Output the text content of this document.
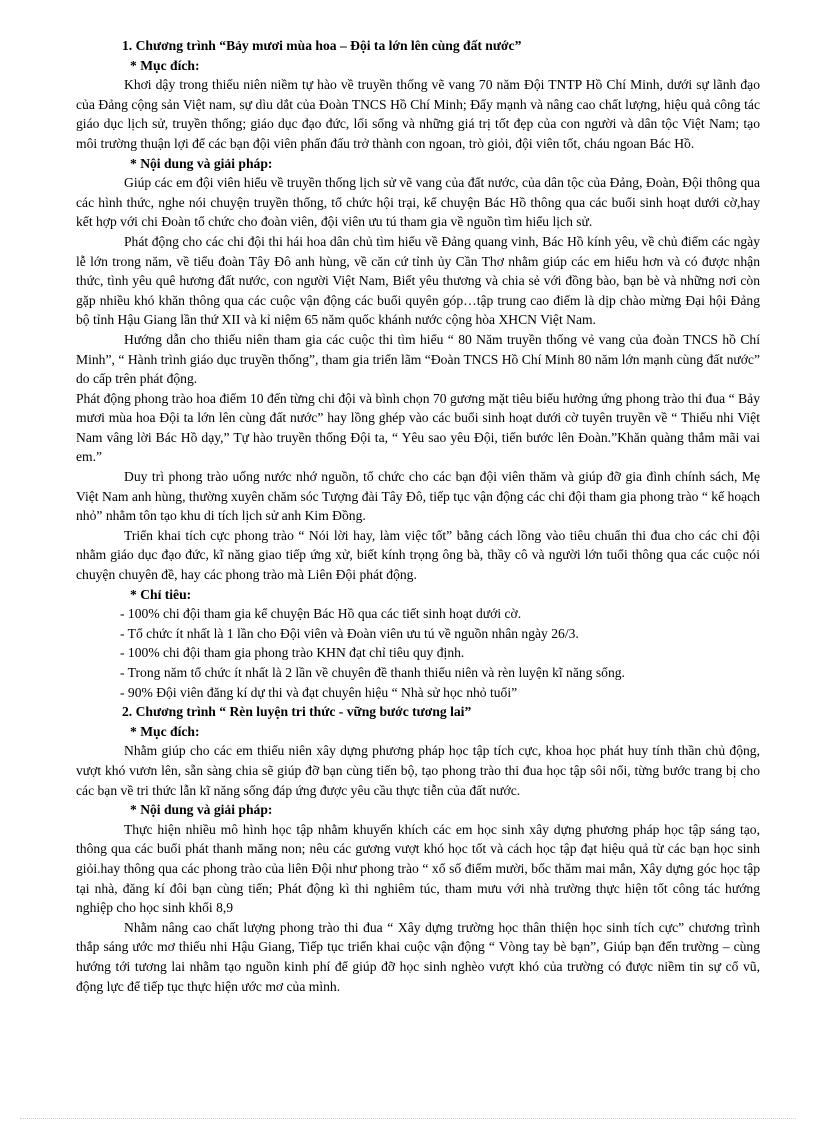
1. Chương trình “Bảy mươi mùa hoa – Đội ta lớn lên cùng đất nước”

* Mục đích:

Khơi dậy trong thiếu niên niềm tự hào về truyền thống vẽ vang 70 năm Đội TNTP Hồ Chí Minh, dưới sự lãnh đạo của Đảng cộng sản Việt nam, sự dìu dắt của Đoàn TNCS Hồ Chí Minh; Đẩy mạnh và nâng cao chất lượng, hiệu quả công tác giáo dục lịch sử, truyền thống; giáo dục đạo đức, lối sống và những giá trị tốt đẹp của con người và dân tộc Việt Nam; tạo môi trường thuận lợi để các bạn đội viên phấn đấu trở thành con ngoan, trò giỏi, đội viên tốt, cháu ngoan Bác Hồ.

* Nội dung và giải pháp:

Giúp các em đội viên hiểu về truyền thống lịch sử vẽ vang của đất nước, của dân tộc của Đảng, Đoàn, Đội thông qua các hình thức, nghe nói chuyện truyền thống, tổ chức hội trại, kể chuyện Bác Hồ thông qua các buổi sinh hoạt dưới cờ,hay kết hợp với chi Đoàn tổ chức cho đoàn viên, đội viên ưu tú tham gia về nguồn tìm hiểu lịch sử.

Phát động cho các chi đội thi hái hoa dân chủ tìm hiểu về Đảng quang vinh, Bác Hồ kính yêu, về chủ điểm các ngày lễ lớn trong năm, về tiểu đoàn Tây Đô anh hùng, về căn cứ tỉnh ủy Cần Thơ nhằm giúp các em hiểu hơn và có được nhận thức, tình yêu quê hương đất nước, con người Việt Nam, Biết yêu thương và chia sẻ với đồng bào, bạn bè và những nơi còn gặp nhiều khó khăn thông qua các cuộc vận động các buổi quyên góp…tập trung cao điểm là dịp chào mừng Đại hội Đảng bộ tỉnh Hậu Giang lần thứ XII và kỉ niệm 65 năm quốc khánh nước cộng hòa XHCN Việt Nam.

Hướng dẫn cho thiếu niên tham gia các cuộc thi tìm hiểu “ 80 Năm truyền thống vẻ vang của đoàn TNCS hồ Chí Minh”, “ Hành trình giáo dục truyền thống”, tham gia triển lãm “Đoàn TNCS Hồ Chí Minh 80 năm lớn mạnh cùng đất nước” do cấp trên phát động.

Phát động phong trào hoa điểm 10 đến từng chi đội và bình chọn 70 gương mặt tiêu biểu hưởng ứng phong trào thi đua “ Bảy mươi mùa hoa Đội ta lớn lên cùng đất nước” hay lồng ghép vào các buổi sinh hoạt dưới cờ tuyên truyền về “ Thiếu nhi Việt Nam vâng lời Bác Hồ dạy,” Tự hào truyền thống Đội ta, “ Yêu sao yêu Đội, tiến bước lên Đoàn.”Khăn quàng thắm mãi vai em.”

Duy trì phong trào uống nước nhớ nguồn, tổ chức cho các bạn đội viên thăm và giúp đỡ gia đình chính sách, Mẹ Việt Nam anh hùng, thường xuyên chăm sóc Tượng đài Tây Đô, tiếp tục vận động các chi đội tham gia phong trào “ kế hoạch nhỏ” nhằm tôn tạo khu di tích lịch sử anh Kim Đồng.

Triển khai tích cực phong trào “ Nói lời hay, làm việc tốt” bằng cách lồng vào tiêu chuẩn thi đua cho các chi đội nhằm giáo dục đạo đức, kĩ năng giao tiếp ứng xử, biết kính trọng ông bà, thầy cô và người lớn tuổi thông qua các cuộc nói chuyện chuyên đề, hay các phong trào mà Liên Đội phát động.

* Chỉ tiêu:

- 100% chi đội tham gia kể chuyện Bác Hồ qua các tiết sinh hoạt dưới cờ.

- Tổ chức ít nhất là 1 lần cho Đội viên và Đoàn viên ưu tú về nguồn nhân ngày 26/3.

- 100% chi đội tham gia phong trào KHN đạt chỉ tiêu quy định.

- Trong năm tổ chức ít nhất là 2 lần về chuyên đề thanh thiếu niên và rèn luyện kĩ năng sống.

- 90% Đội viên đăng kí dự thi và đạt chuyên hiệu “ Nhà sử học nhỏ tuổi”

2. Chương trình “ Rèn luyện tri thức - vững bước tương lai”

* Mục đích:

Nhằm giúp cho các em thiếu niên xây dựng phương pháp học tập tích cực, khoa học phát huy tính thần chủ động, vượt khó vươn lên, sẵn sàng chia sẽ giúp đỡ bạn cùng tiến bộ, tạo phong trào thi đua học tập sôi nổi, từng bước trang bị cho các bạn về tri thức lẫn kĩ năng sống đáp ứng được yêu cầu thực tiễn của đất nước.

* Nội dung và giải pháp:

Thực hiện nhiều mô hình học tập nhằm khuyến khích các em học sinh xây dựng phương pháp học tập sáng tạo, thông qua các buổi phát thanh măng non; nêu các gương vượt khó học tốt và cách học tập đạt hiệu quả từ các bạn học sinh giỏi.hay thông qua các phong trào của liên Đội như phong trào “ xổ số điểm mười, bốc thăm mai mắn, Xây dựng góc học tập tại nhà, đăng kí đôi bạn cùng tiến; Phát động kì thi nghiêm túc, tham mưu với nhà trường thực hiện tốt công tác hướng nghiệp cho học sinh khối 8,9

Nhằm nâng cao chất lượng phong trào thi đua “ Xây dựng trường học thân thiện học sinh tích cực” chương trình thắp sáng ước mơ thiếu nhi Hậu Giang, Tiếp tục triển khai cuộc vận động “ Vòng tay bè bạn”, Giúp bạn đến trường – cùng hướng tới tương lai nhằm tạo nguồn kinh phí để giúp đỡ học sinh nghèo vượt khó của trường có được niềm tin sự cổ vũ, động lực để tiếp tục thực hiện ước mơ của mình.
